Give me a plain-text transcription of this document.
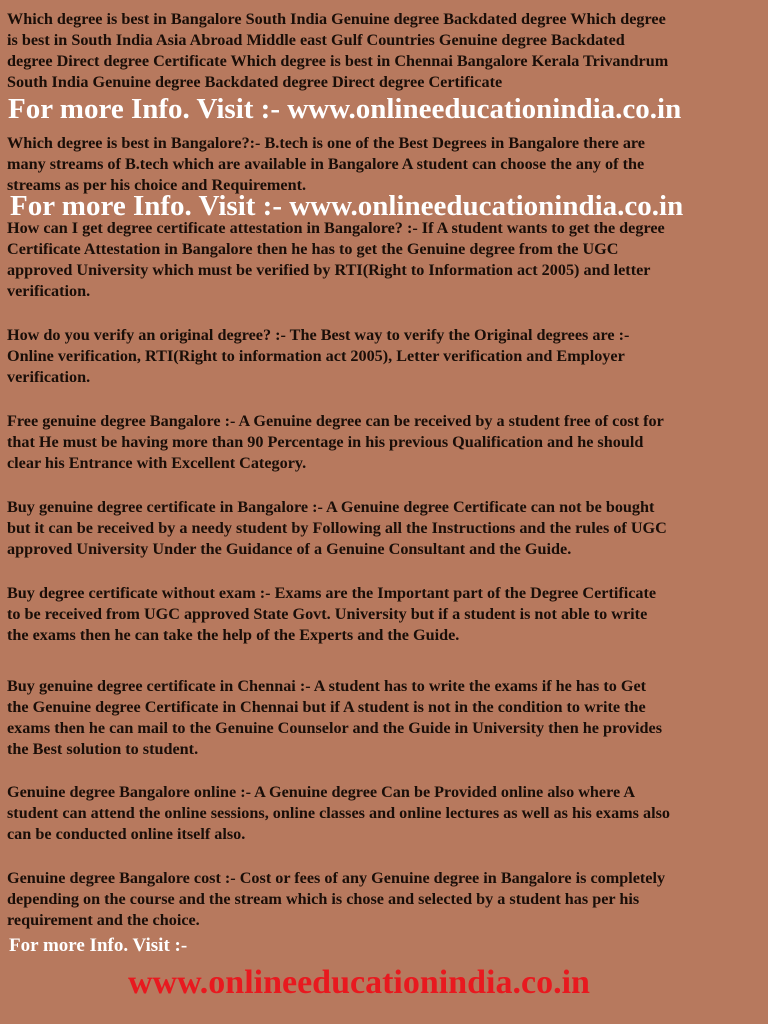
Which degree is best in Bangalore South India Genuine degree Backdated degree Which degree
is best in South India Asia Abroad Middle east Gulf Countries Genuine degree Backdated
degree Direct degree Certificate Which degree is best in Chennai Bangalore Kerala Trivandrum
South India Genuine degree Backdated degree Direct degree Certificate

For more Info. Visit :- www.onlineeducationindia.co.in

Which degree is best in Bangalore?:- B.tech is one of the Best Degrees in Bangalore there are
many streams of B.tech which are available in Bangalore A student can choose the any of the
streams as per his choice and Requirement.

For more Info. Visit :- www.onlineeducationindia.co.in

How can I get degree certificate attestation in Bangalore? :- If A student wants to get the degree
Certificate Attestation in Bangalore then he has to get the Genuine degree from the UGC
approved University which must be verified by RTI(Right to Information act 2005) and letter
verification.

How do you verify an original degree? :- The Best way to verify the Original degrees are :-
Online verification, RTI(Right to information act 2005), Letter verification and Employer
verification.

Free genuine degree Bangalore :- A Genuine degree can be received by a student free of cost for
that He must be having more than 90 Percentage in his previous Qualification and he should
clear his Entrance with Excellent Category.

Buy genuine degree certificate in Bangalore :- A Genuine degree Certificate can not be bought
but it can be received by a needy student by Following all the Instructions and the rules of UGC
approved University Under the Guidance of a Genuine Consultant and the Guide.

Buy degree certificate without exam :- Exams are the Important part of the Degree Certificate
to be received from UGC approved State Govt. University but if a student is not able to write
the exams then he can take the help of the Experts and the Guide.

Buy genuine degree certificate in Chennai :- A student has to write the exams if he has to Get
the Genuine degree Certificate in Chennai but if A student is not in the condition to write the
exams then he can mail to the Genuine Counselor and the Guide in University then he provides
the Best solution to student.

Genuine degree Bangalore online :- A Genuine degree Can be Provided online also where A
student can attend the online sessions, online classes and online lectures as well as his exams also
can be conducted online itself also.

Genuine degree Bangalore cost :- Cost or fees of any Genuine degree in Bangalore is completely
depending on the course and the stream which is chose and selected by a student has per his
requirement and the choice.

For more Info. Visit :-

www.onlineeducationindia.co.in
